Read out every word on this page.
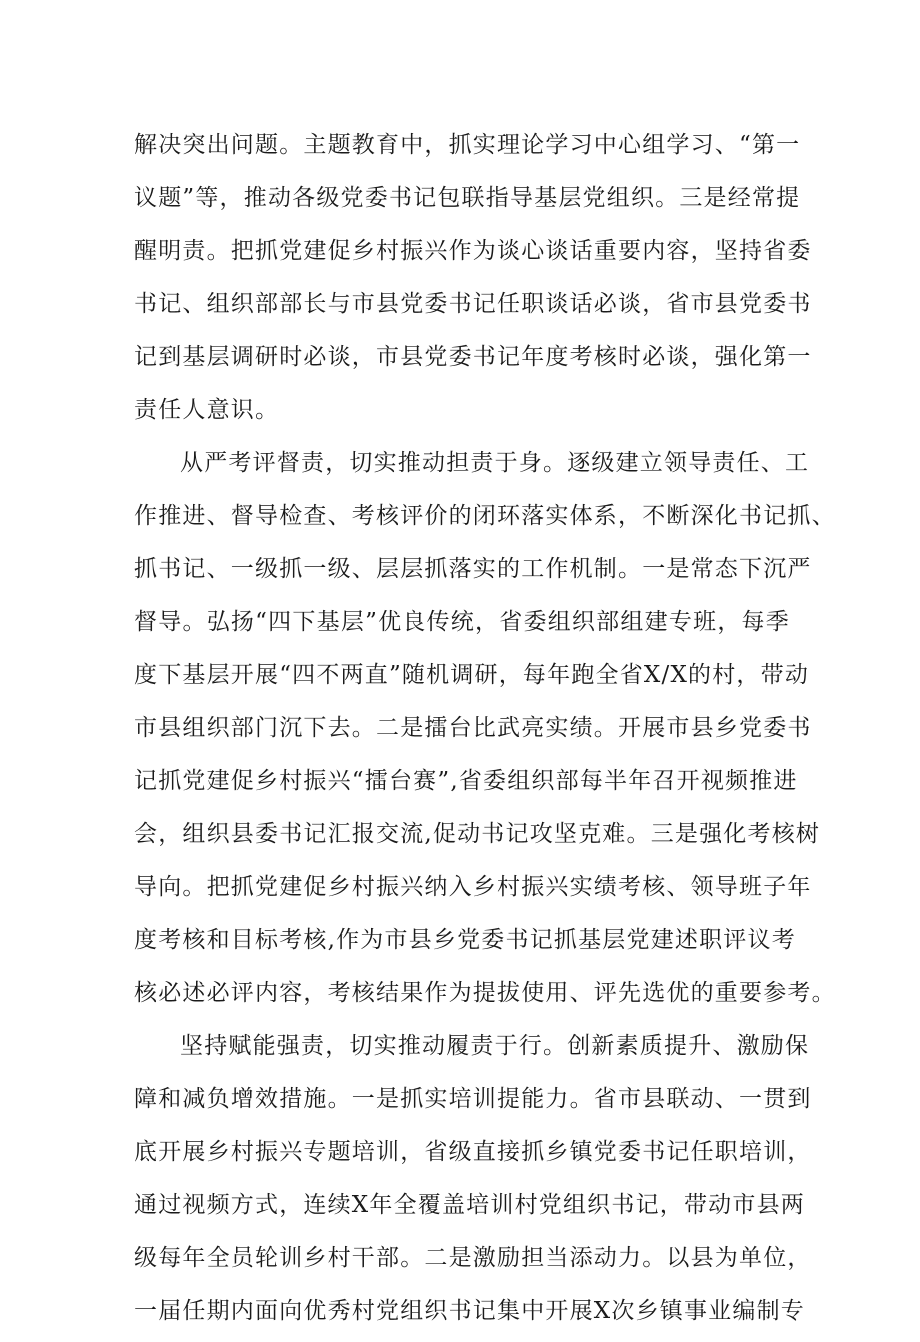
解决突出问题。主题教育中，抓实理论学习中心组学习、“第一
议题”等，推动各级党委书记包联指导基层党组织。三是经常提
醒明责。把抓党建促乡村振兴作为谈心谈话重要内容，坚持省委
书记、组织部部长与市县党委书记任职谈话必谈，省市县党委书
记到基层调研时必谈，市县党委书记年度考核时必谈，强化第一
责任人意识。
从严考评督责，切实推动担责于身。逐级建立领导责任、工
作推进、督导检查、考核评价的闭环落实体系，不断深化书记抓、
抓书记、一级抓一级、层层抓落实的工作机制。一是常态下沉严
督导。弘扬“四下基层”优良传统，省委组织部组建专班，每季
度下基层开展“四不两直”随机调研，每年跑全省X/X的村，带动
市县组织部门沉下去。二是擂台比武亮实绩。开展市县乡党委书
记抓党建促乡村振兴“擂台赛”,省委组织部每半年召开视频推进
会，组织县委书记汇报交流,促动书记攻坚克难。三是强化考核树
导向。把抓党建促乡村振兴纳入乡村振兴实绩考核、领导班子年
度考核和目标考核,作为市县乡党委书记抓基层党建述职评议考
核必述必评内容，考核结果作为提拔使用、评先选优的重要参考。
坚持赋能强责，切实推动履责于行。创新素质提升、激励保
障和减负增效措施。一是抓实培训提能力。省市县联动、一贯到
底开展乡村振兴专题培训，省级直接抓乡镇党委书记任职培训，
通过视频方式，连续X年全覆盖培训村党组织书记，带动市县两
级每年全员轮训乡村干部。二是激励担当添动力。以县为单位，
一届任期内面向优秀村党组织书记集中开展X次乡镇事业编制专
